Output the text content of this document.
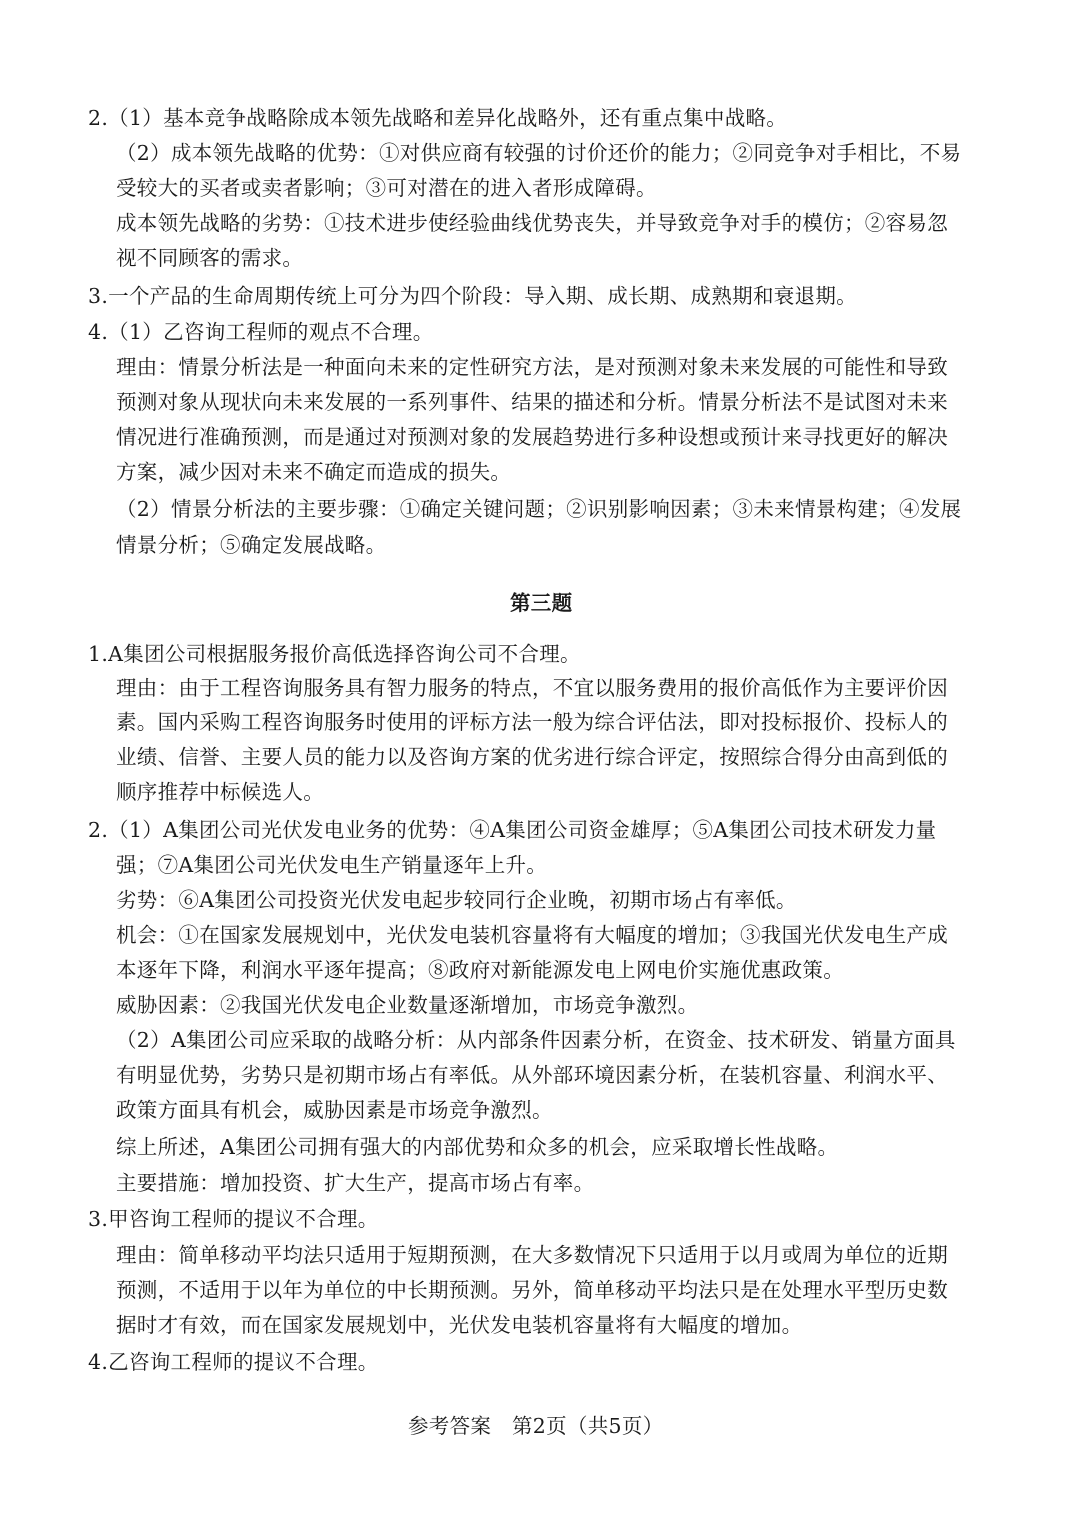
2.（1）基本竞争战略除成本领先战略和差异化战略外，还有重点集中战略。
（2）成本领先战略的优势：①对供应商有较强的讨价还价的能力；②同竞争对手相比，不易
受较大的买者或卖者影响；③可对潜在的进入者形成障碍。
成本领先战略的劣势：①技术进步使经验曲线优势丧失，并导致竞争对手的模仿；②容易忽
视不同顾客的需求。
3.一个产品的生命周期传统上可分为四个阶段：导入期、成长期、成熟期和衰退期。
4.（1）乙咨询工程师的观点不合理。
理由：情景分析法是一种面向未来的定性研究方法，是对预测对象未来发展的可能性和导致
预测对象从现状向未来发展的一系列事件、结果的描述和分析。情景分析法不是试图对未来
情况进行准确预测，而是通过对预测对象的发展趋势进行多种设想或预计来寻找更好的解决
方案，减少因对未来不确定而造成的损失。
（2）情景分析法的主要步骤：①确定关键问题；②识别影响因素；③未来情景构建；④发展
情景分析；⑤确定发展战略。
第三题
1.A集团公司根据服务报价高低选择咨询公司不合理。
理由：由于工程咨询服务具有智力服务的特点，不宜以服务费用的报价高低作为主要评价因
素。国内采购工程咨询服务时使用的评标方法一般为综合评估法，即对投标报价、投标人的
业绩、信誉、主要人员的能力以及咨询方案的优劣进行综合评定，按照综合得分由高到低的
顺序推荐中标候选人。
2.（1）A集团公司光伏发电业务的优势：④A集团公司资金雄厚；⑤A集团公司技术研发力量
强；⑦A集团公司光伏发电生产销量逐年上升。
劣势：⑥A集团公司投资光伏发电起步较同行企业晚，初期市场占有率低。
机会：①在国家发展规划中，光伏发电装机容量将有大幅度的增加；③我国光伏发电生产成
本逐年下降，利润水平逐年提高；⑧政府对新能源发电上网电价实施优惠政策。
威胁因素：②我国光伏发电企业数量逐渐增加，市场竞争激烈。
（2）A集团公司应采取的战略分析：从内部条件因素分析，在资金、技术研发、销量方面具
有明显优势，劣势只是初期市场占有率低。从外部环境因素分析，在装机容量、利润水平、
政策方面具有机会，威胁因素是市场竞争激烈。
综上所述，A集团公司拥有强大的内部优势和众多的机会，应采取增长性战略。
主要措施：增加投资、扩大生产，提高市场占有率。
3.甲咨询工程师的提议不合理。
理由：简单移动平均法只适用于短期预测，在大多数情况下只适用于以月或周为单位的近期
预测，不适用于以年为单位的中长期预测。另外，简单移动平均法只是在处理水平型历史数
据时才有效，而在国家发展规划中，光伏发电装机容量将有大幅度的增加。
4.乙咨询工程师的提议不合理。
参考答案　第2页（共5页）
